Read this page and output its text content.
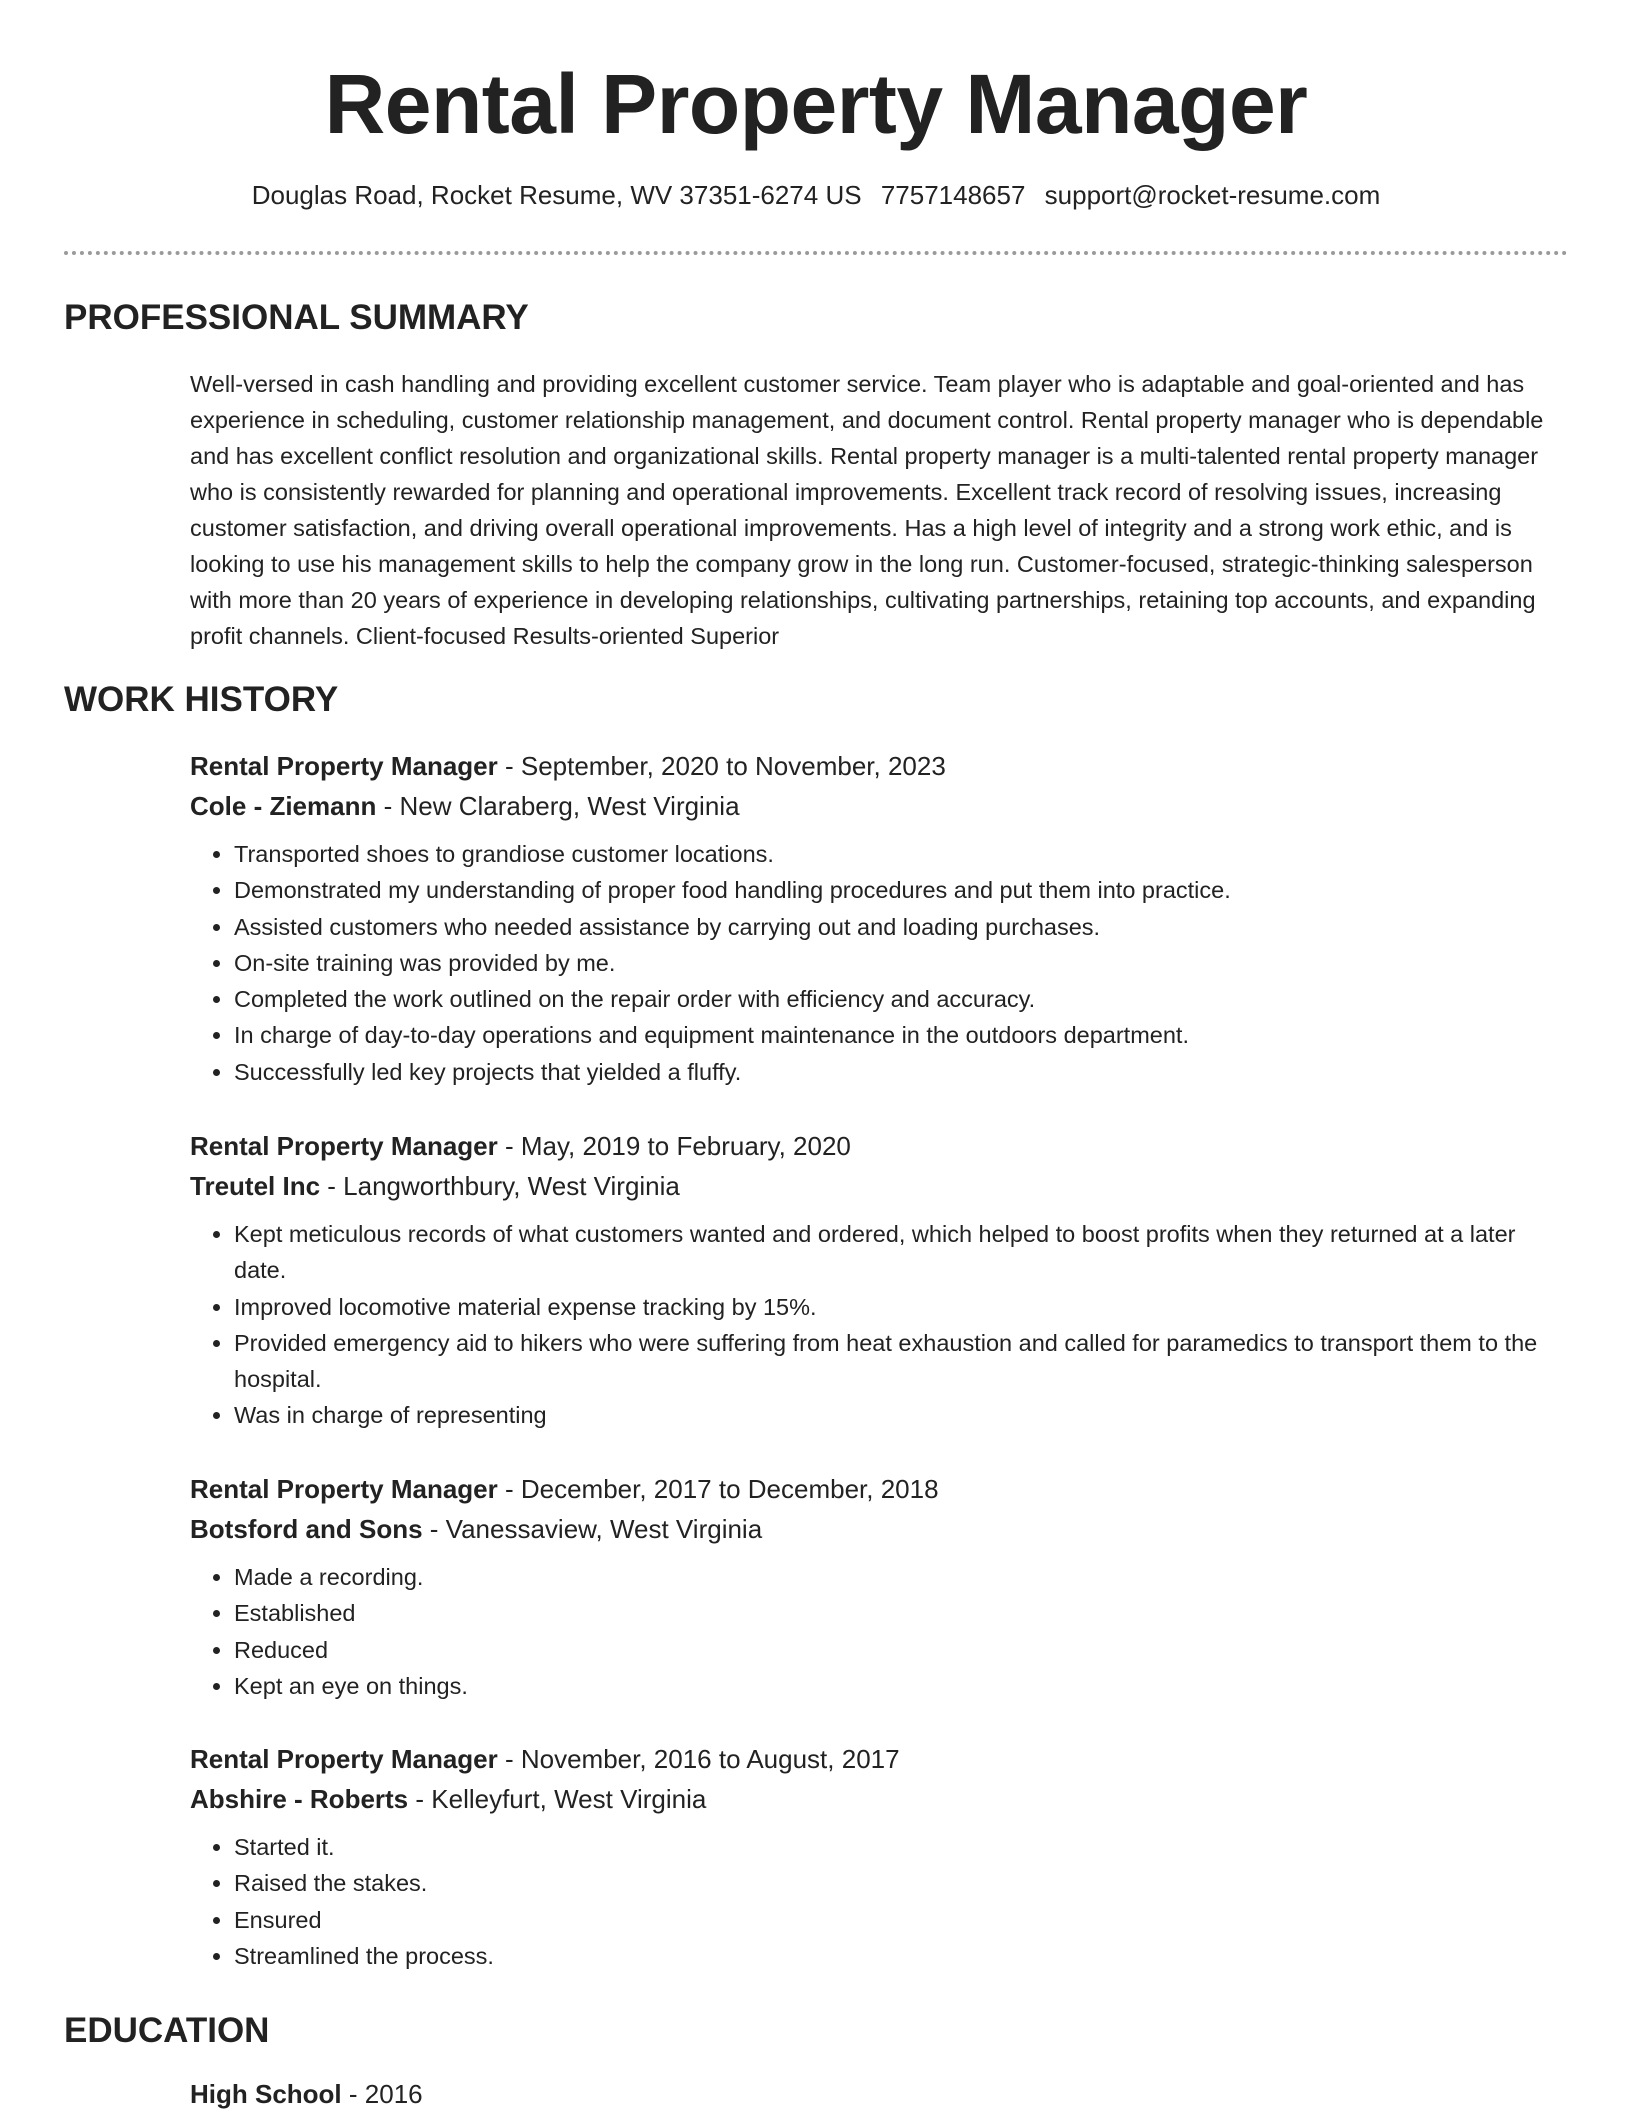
Rental Property Manager
Douglas Road, Rocket Resume, WV 37351-6274 US 7757148657 support@rocket-resume.com
PROFESSIONAL SUMMARY

Well-versed in cash handling and providing excellent customer service. Team player who is adaptable and goal-oriented and has experience in scheduling, customer relationship management, and document control. Rental property manager who is dependable and has excellent conflict resolution and organizational skills. Rental property manager is a multi-talented rental property manager who is consistently rewarded for planning and operational improvements. Excellent track record of resolving issues, increasing customer satisfaction, and driving overall operational improvements. Has a high level of integrity and a strong work ethic, and is looking to use his management skills to help the company grow in the long run. Customer-focused, strategic-thinking salesperson with more than 20 years of experience in developing relationships, cultivating partnerships, retaining top accounts, and expanding profit channels. Client-focused Results-oriented Superior

WORK HISTORY
Rental Property Manager - September, 2020 to November, 2023
Cole - Ziemann - New Claraberg, West Virginia
• Transported shoes to grandiose customer locations.
• Demonstrated my understanding of proper food handling procedures and put them into practice.
• Assisted customers who needed assistance by carrying out and loading purchases.
• On-site training was provided by me.
• Completed the work outlined on the repair order with efficiency and accuracy.
• In charge of day-to-day operations and equipment maintenance in the outdoors department.
• Successfully led key projects that yielded a fluffy.
Rental Property Manager - May, 2019 to February, 2020
Treutel Inc - Langworthbury, West Virginia
• Kept meticulous records of what customers wanted and ordered, which helped to boost profits when they returned at a later date.
• Improved locomotive material expense tracking by 15%.
• Provided emergency aid to hikers who were suffering from heat exhaustion and called for paramedics to transport them to the hospital.
• Was in charge of representing
Rental Property Manager - December, 2017 to December, 2018
Botsford and Sons - Vanessaview, West Virginia
• Made a recording.
• Established
• Reduced
• Kept an eye on things.
Rental Property Manager - November, 2016 to August, 2017
Abshire - Roberts - Kelleyfurt, West Virginia
• Started it.
• Raised the stakes.
• Ensured
• Streamlined the process.
EDUCATION
High School - 2016
